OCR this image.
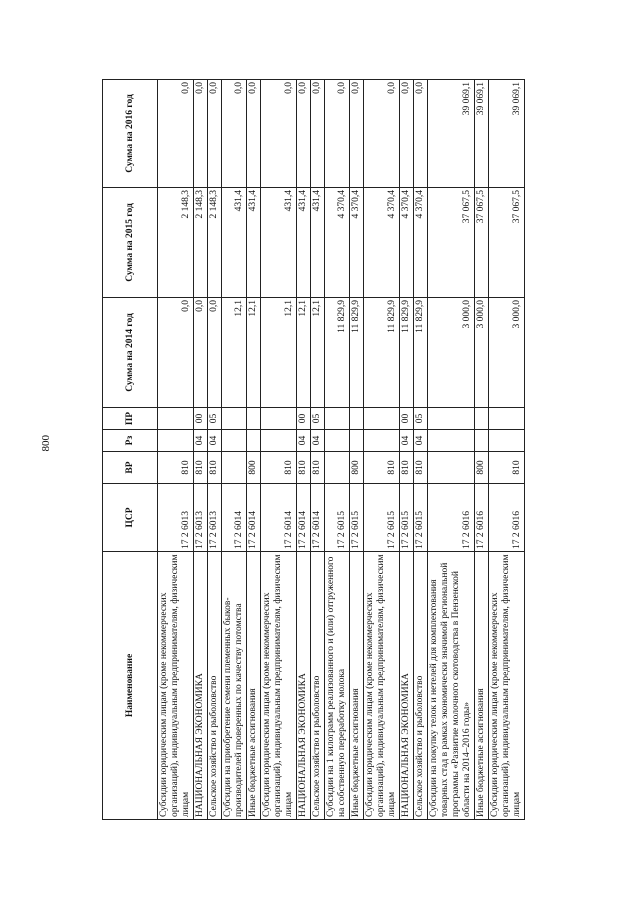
800
Наименование	ЦСР	ВР	Рз	ПР	Сумма на 2014 год	Сумма на 2015 год	Сумма на 2016 год
Субсидии юридическим лицам (кроме некоммерческих организаций), индивидуальным предпринимателям, физическим лицам	17 2 6013	810			0,0	2 148,3	0,0
НАЦИОНАЛЬНАЯ ЭКОНОМИКА	17 2 6013	810	04	00	0,0	2 148,3	0,0
Сельское хозяйство и рыболовство	17 2 6013	810	04	05	0,0	2 148,3	0,0
Субсидии на приобретение семени племенных быков-производителей проверенных по качеству потомства	17 2 6014				12,1	431,4	0,0
Иные бюджетные ассигнования	17 2 6014	800			12,1	431,4	0,0
Субсидии юридическим лицам (кроме некоммерческих организаций), индивидуальным предпринимателям, физическим лицам	17 2 6014	810			12,1	431,4	0,0
НАЦИОНАЛЬНАЯ ЭКОНОМИКА	17 2 6014	810	04	00	12,1	431,4	0,0
Сельское хозяйство и рыболовство	17 2 6014	810	04	05	12,1	431,4	0,0
Субсидии на 1 килограмм реализованного и (или) отгруженного на собственную переработку молока	17 2 6015				11 829,9	4 370,4	0,0
Иные бюджетные ассигнования	17 2 6015	800			11 829,9	4 370,4	0,0
Субсидии юридическим лицам (кроме некоммерческих организаций), индивидуальным предпринимателям, физическим лицам	17 2 6015	810			11 829,9	4 370,4	0,0
НАЦИОНАЛЬНАЯ ЭКОНОМИКА	17 2 6015	810	04	00	11 829,9	4 370,4	0,0
Сельское хозяйство и рыболовство	17 2 6015	810	04	05	11 829,9	4 370,4	0,0
Субсидии на покупку телок и нетелей для комплектования товарных стад в рамках экономически значимой региональной программы «Развитие молочного скотоводства в Пензенской области на 2014–2016 годы»	17 2 6016				3 000,0	37 067,5	39 069,1
Иные бюджетные ассигнования	17 2 6016	800			3 000,0	37 067,5	39 069,1
Субсидии юридическим лицам (кроме некоммерческих организаций), индивидуальным предпринимателям, физическим лицам	17 2 6016	810			3 000,0	37 067,5	39 069,1
